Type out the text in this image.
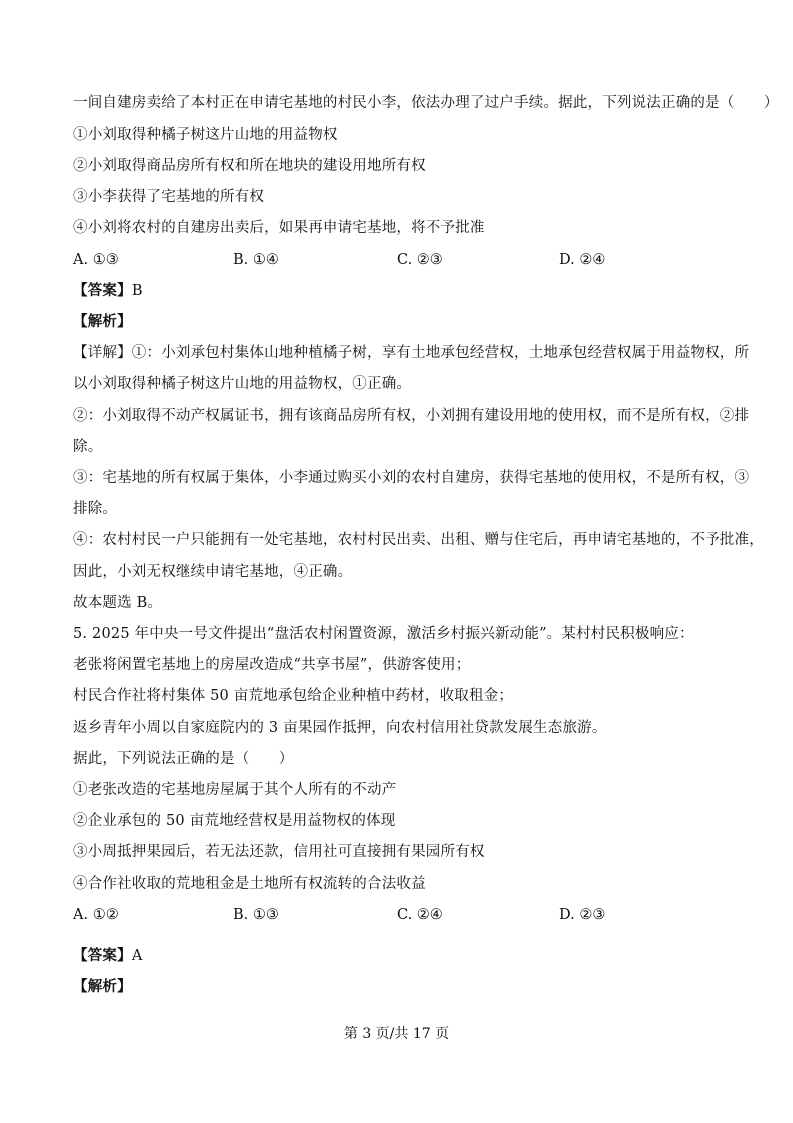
一间自建房卖给了本村正在申请宅基地的村民小李，依法办理了过户手续。据此，下列说法正确的是（　　）
①小刘取得种橘子树这片山地的用益物权
②小刘取得商品房所有权和所在地块的建设用地所有权
③小李获得了宅基地的所有权
④小刘将农村的自建房出卖后，如果再申请宅基地，将不予批准
A. ①③	B. ①④	C. ②③	D. ②④
【答案】B
【解析】
【详解】①：小刘承包村集体山地种植橘子树，享有土地承包经营权，土地承包经营权属于用益物权，所
以小刘取得种橘子树这片山地的用益物权，①正确。
②：小刘取得不动产权属证书，拥有该商品房所有权，小刘拥有建设用地的使用权，而不是所有权，②排
除。
③：宅基地的所有权属于集体，小李通过购买小刘的农村自建房，获得宅基地的使用权，不是所有权，③
排除。
④：农村村民一户只能拥有一处宅基地，农村村民出卖、出租、赠与住宅后，再申请宅基地的，不予批准，
因此，小刘无权继续申请宅基地，④正确。
故本题选 B。
5. 2025 年中央一号文件提出“盘活农村闲置资源，激活乡村振兴新动能”。某村村民积极响应：
老张将闲置宅基地上的房屋改造成“共享书屋”，供游客使用；
村民合作社将村集体 50 亩荒地承包给企业种植中药材，收取租金；
返乡青年小周以自家庭院内的 3 亩果园作抵押，向农村信用社贷款发展生态旅游。
据此，下列说法正确的是（　　）
①老张改造的宅基地房屋属于其个人所有的不动产
②企业承包的 50 亩荒地经营权是用益物权的体现
③小周抵押果园后，若无法还款，信用社可直接拥有果园所有权
④合作社收取的荒地租金是土地所有权流转的合法收益
A. ①②	B. ①③	C. ②④	D. ②③
【答案】A
【解析】
第 3 页/共 17 页
